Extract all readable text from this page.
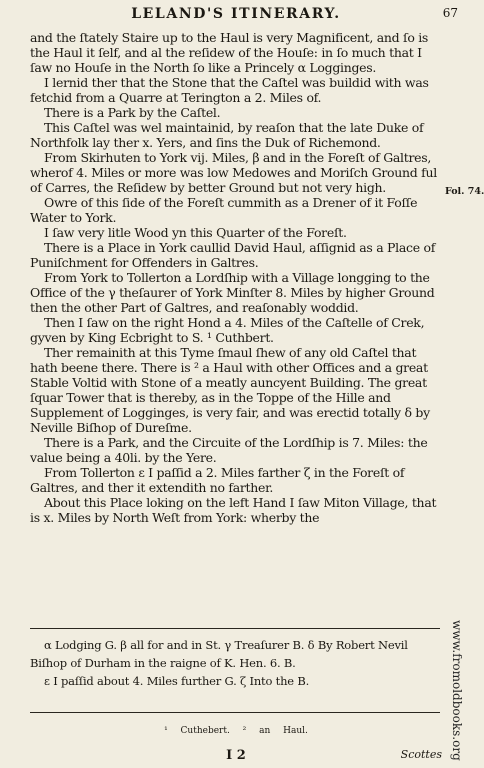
LELAND'S ITINERARY.	67

and the ſtately Staire up to the Haul is very Magnificent, and ſo is the Haul it ſelf, and al the reſidew of the Houſe: in ſo much that I ſaw no Houſe in the North ſo like a Princely α Logginges.

I lernid ther that the Stone that the Caſtel was buildid with was fetchid from a Quarre at Terington a 2. Miles of.

There is a Park by the Caſtel.

This Caſtel was wel maintainid, by reaſon that the late Duke of Northfolk lay ther x. Yers, and ſins the Duk of Richemond.

From Skirhuten to York vij. Miles, β and in the Foreſt of Galtres, wherof 4. Miles or more was low Medowes and Moriſch Ground ful of Carres, the Reſidew by better Ground but not very high.

Owre of this ſide of the Foreſt cummith as a Drener of it Foſſe Water to York.

I ſaw very litle Wood yn this Quarter of the Foreſt.

There is a Place in York caullid David Haul, aſſignid as a Place of Puniſchment for Offenders in Galtres.

From York to Tollerton a Lordſhip with a Village longging to the Office of the γ theſaurer of York Minſter 8. Miles by higher Ground then the other Part of Galtres, and reaſonably woddid.

Then I ſaw on the right Hond a 4. Miles of the Caſtelle of Crek, gyven by King Ecbright to S. ¹ Cuthbert.

Ther remainith at this Tyme ſmaul ſhew of any old Caſtel that hath beene there. There is ² a Haul with other Offices and a great Stable Voltid with Stone of a meatly auncyent Building. The great ſquar Tower that is thereby, as in the Toppe of the Hille and Supplement of Logginges, is very fair, and was erectid totally δ by Neville Biſhop of Dureſme.

There is a Park, and the Circuite of the Lordſhip is 7. Miles: the value being a 40li. by the Yere.

From Tollerton ε I paſſid a 2. Miles farther ζ in the Foreſt of Galtres, and ther it extendith no farther.

About this Place loking on the left Hand I ſaw Miton Village, that is x. Miles by North Weſt from York: wherby the

Fol. 74.
www.fromoldbooks.org

α Lodging G. β all for and in St. γ Treaſurer B. δ By Robert Nevil Biſhop of Durham in the raigne of K. Hen. 6. B.

ε I paſſid about 4. Miles further G. ζ Into the B.

¹ Cuthebert. ² an Haul.
I 2	Scottes
